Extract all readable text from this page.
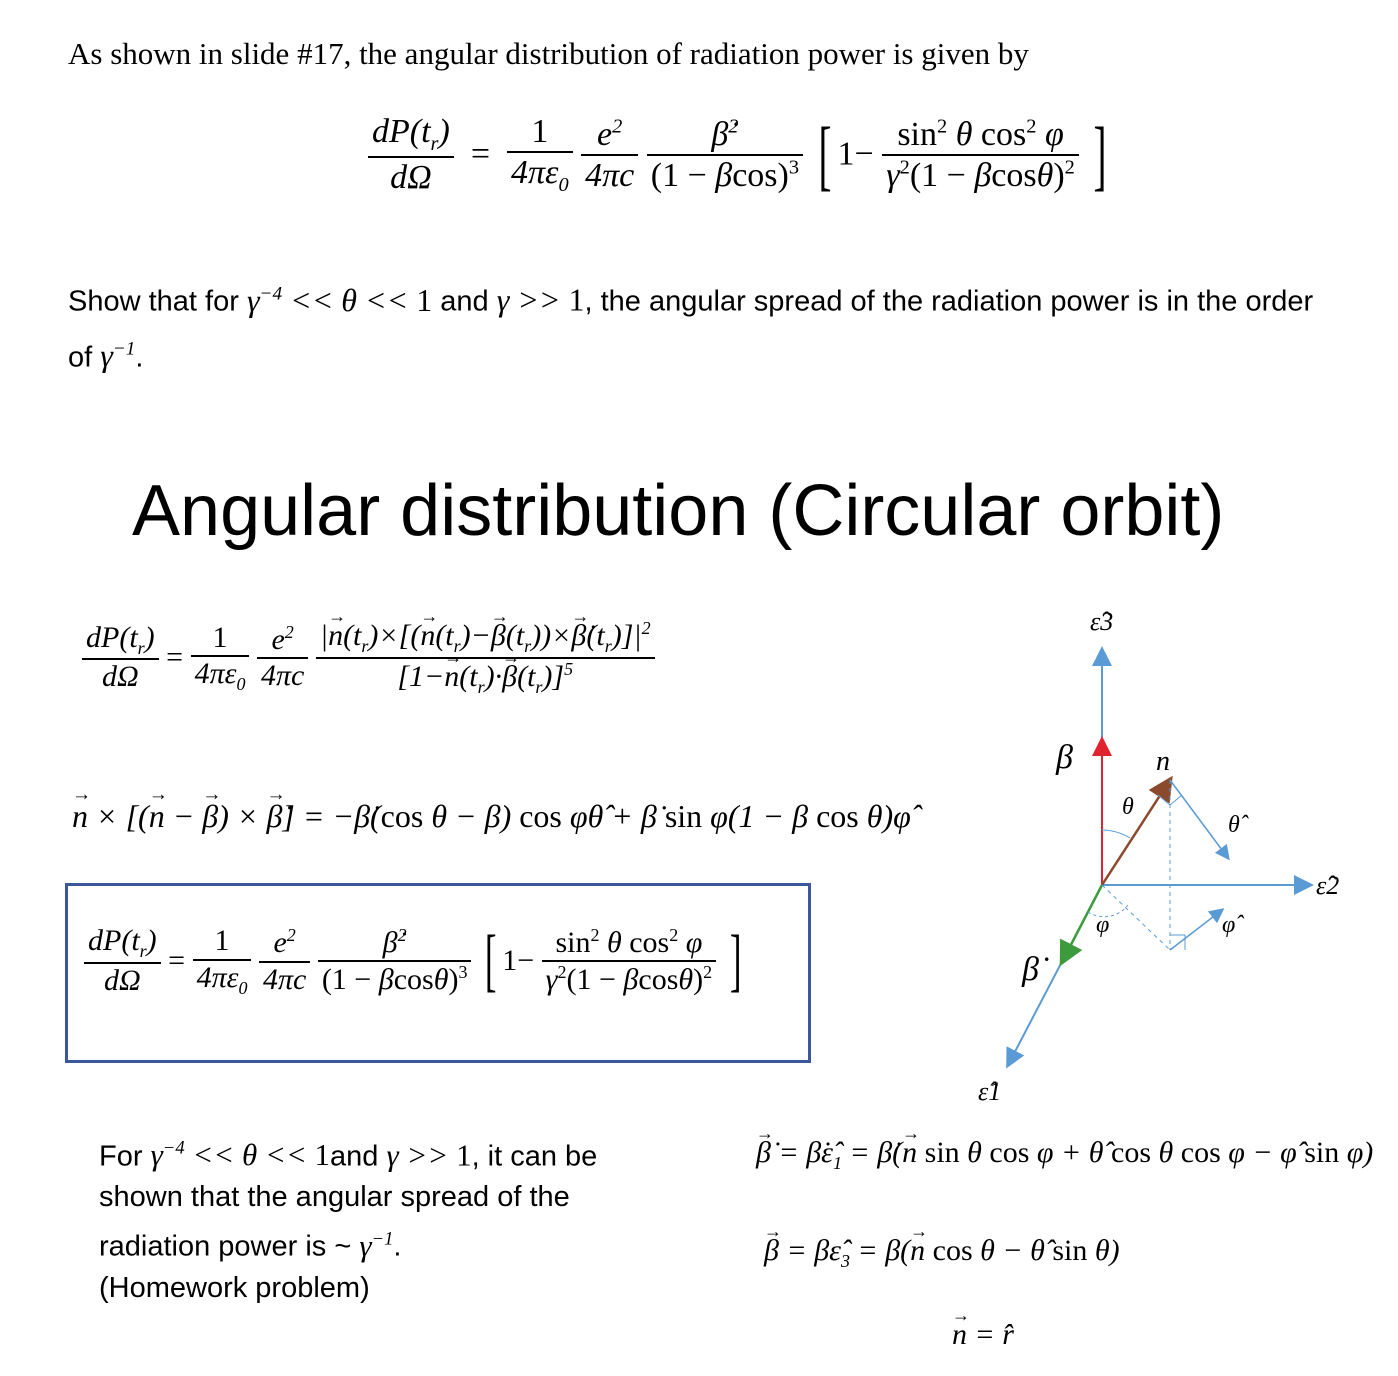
As shown in slide #17, the angular distribution of radiation power is given by
$\frac{dP(t_r)}{d\Omega} = \frac{1}{4\pi\varepsilon_0}$
$\frac{e^2}{4\pi c}$
$\frac{\betȧ^2}{(1 - \beta\cos)^3}$ [ $1- \frac{\sin^2 \theta \cos^2 \varphi}{\gamma^2(1 - \beta\cos\theta)^2}$ ]
Show that for $\gamma^{-4} << \theta << 1$ and γ >> 1, the angular spread of the radiation power is in the order
of $\gamma^{-1}$.
Angular distribution (Circular orbit)
$\frac{dP(t_r)}{d\Omega} = \frac{1}{4\pi\varepsilon_0}$
$\frac{e^2}{4\pi c}$
$\frac{|\to n(t_r)\times[(\to n(t_r)-\to \beta(t_r))\times\to \betȧ(t_r)]|^2}{[1-\to n(t_r)\cdot\to \beta(t_r)]^5}$
→ n × [(→ n − → β) × → β̇] = −β̇(cos θ − β) cos φθ̂ + β̇ sin φ(1 − β cos θ)φ̂
$\frac{dP(t_r)}{d\Omega} = \frac{1}{4\pi\varepsilon_0}$
$\frac{e^2}{4\pi c}$
$\frac{\betȧ^2}{(1 - \beta\cos\theta)^3}$ [ $1- \frac{\sin^2 \theta \cos^2 \varphi}{\gamma^2(1 - \beta\cos\theta)^2}$ ]
For $\gamma^{-4} << \theta << 1and$ γ >> 1, it can be shown that the angular spread of the radiation power is ~ $\gamma^{-1}$.
(Homework problem)
→ β̇ = $\betȧ\varepsilon̂_1$ = β̇(→ n sin θ cos φ + θ̂ cos θ cos φ − φ̂ sin φ)
→ $\beta = \beta\varepsilon̂_3 = \beta(\to n$ cos θ − θ̂ sin θ)
→ n = r̂
ε̂3
ε̂2
ε̂1
β
β̇
n
θ
φ
θ̂
φ̂
